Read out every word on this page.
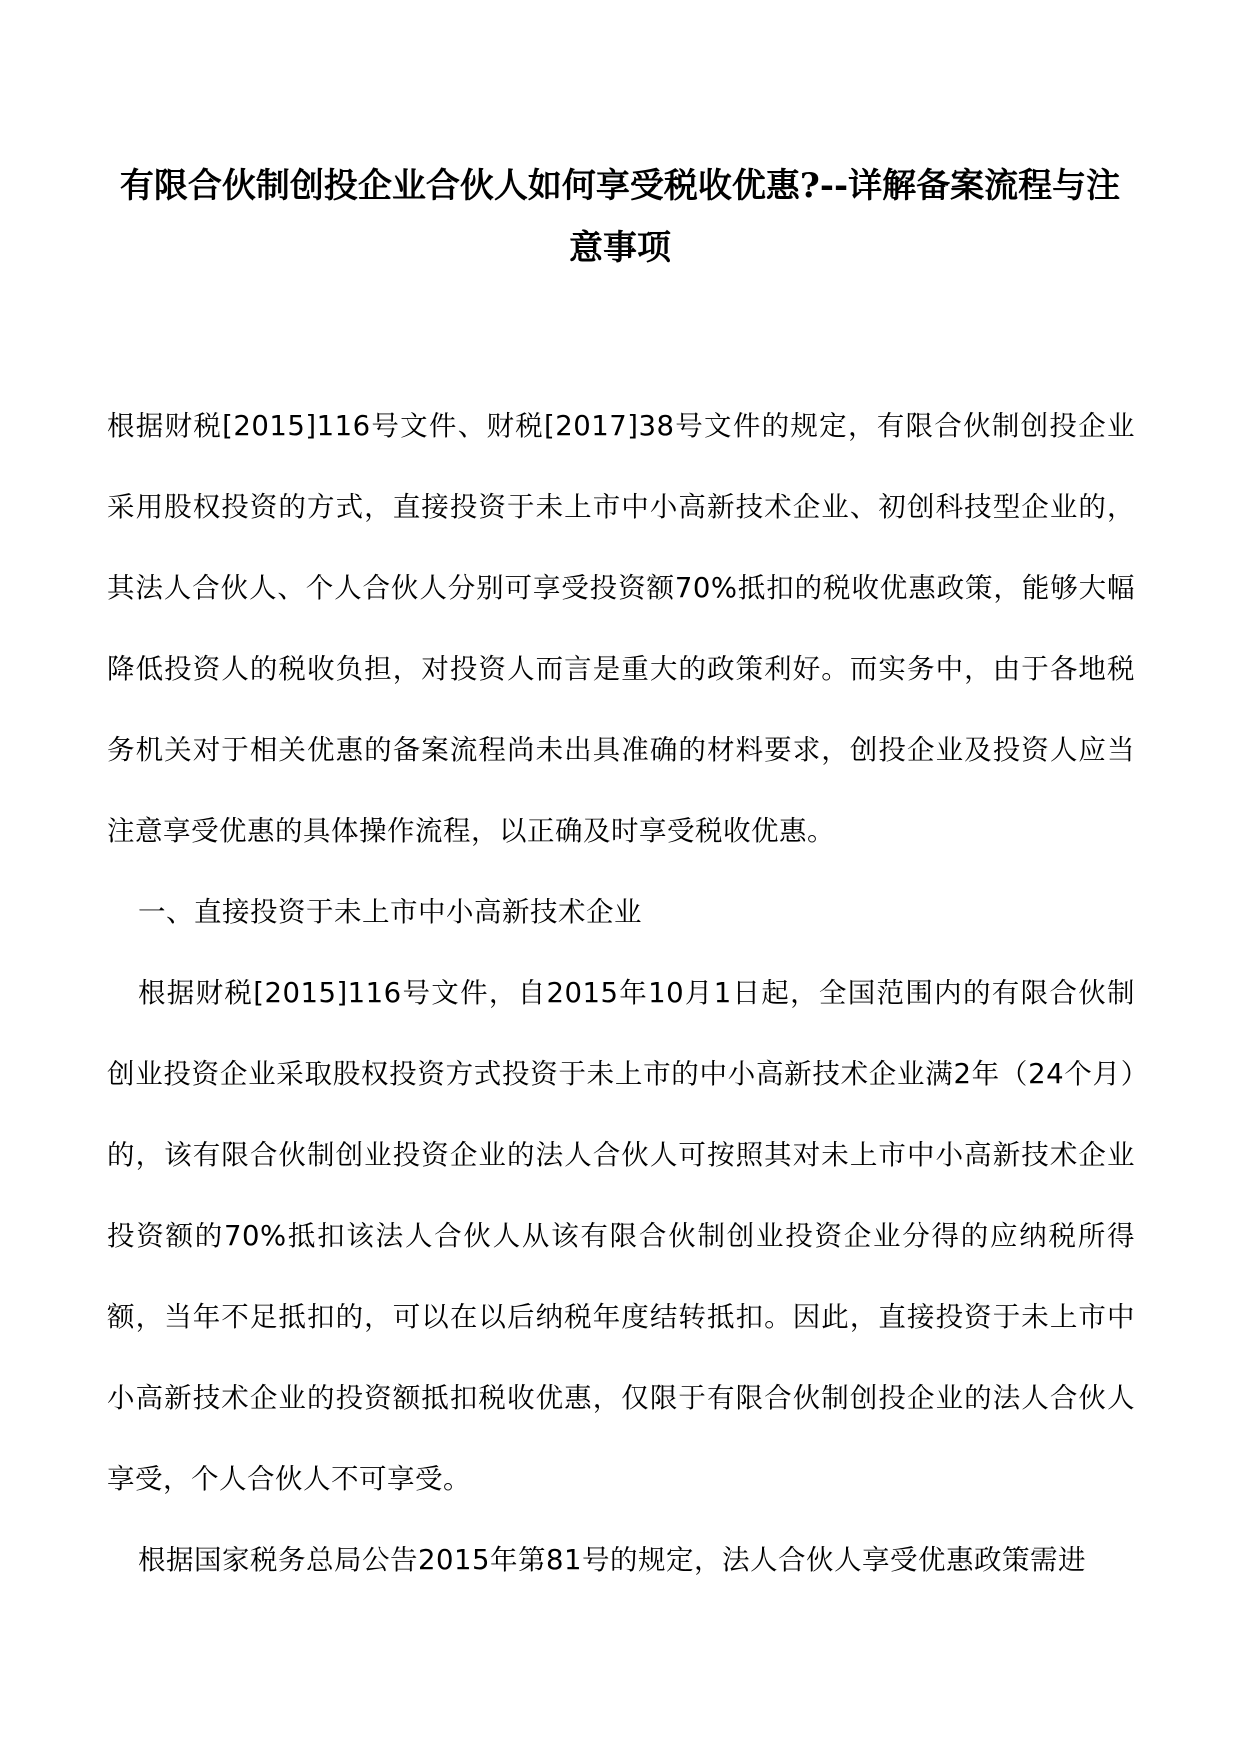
有限合伙制创投企业合伙人如何享受税收优惠?--详解备案流程与注意事项

根据财税[2015]116号文件、财税[2017]38号文件的规定，有限合伙制创投企业采用股权投资的方式，直接投资于未上市中小高新技术企业、初创科技型企业的，其法人合伙人、个人合伙人分别可享受投资额70%抵扣的税收优惠政策，能够大幅降低投资人的税收负担，对投资人而言是重大的政策利好。而实务中，由于各地税务机关对于相关优惠的备案流程尚未出具准确的材料要求，创投企业及投资人应当注意享受优惠的具体操作流程，以正确及时享受税收优惠。

一、直接投资于未上市中小高新技术企业

根据财税[2015]116号文件，自2015年10月1日起，全国范围内的有限合伙制创业投资企业采取股权投资方式投资于未上市的中小高新技术企业满2年（24个月）的，该有限合伙制创业投资企业的法人合伙人可按照其对未上市中小高新技术企业投资额的70%抵扣该法人合伙人从该有限合伙制创业投资企业分得的应纳税所得额，当年不足抵扣的，可以在以后纳税年度结转抵扣。因此，直接投资于未上市中小高新技术企业的投资额抵扣税收优惠，仅限于有限合伙制创投企业的法人合伙人享受，个人合伙人不可享受。

根据国家税务总局公告2015年第81号的规定，法人合伙人享受优惠政策需进
